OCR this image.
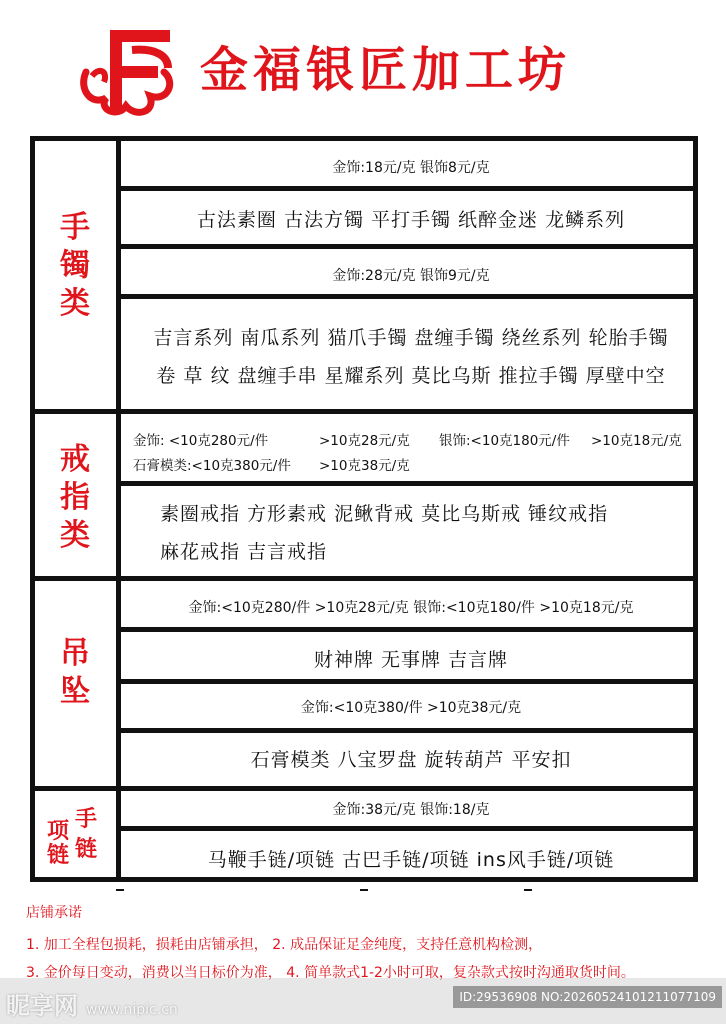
金福银匠加工坊
手镯类
金饰:18元/克 银饰8元/克
古法素圈 古法方镯 平打手镯 纸醉金迷 龙鳞系列
金饰:28元/克 银饰9元/克
吉言系列 南瓜系列 猫爪手镯 盘缠手镯 绕丝系列 轮胎手镯
卷 草 纹 盘缠手串 星耀系列 莫比乌斯 推拉手镯 厚壁中空
戒指类
金饰: <10克280元/件	>10克28元/克 银饰:<10克180元/件 >10克18元/克
石膏模类:<10克380元/件 >10克38元/克
素圈戒指 方形素戒 泥鳅背戒 莫比乌斯戒 锤纹戒指
麻花戒指 吉言戒指
吊坠
金饰:<10克280/件 >10克28元/克 银饰:<10克180/件 >10克18元/克
财神牌 无事牌 吉言牌
金饰:<10克380/件 >10克38元/克
石膏模类 八宝罗盘 旋转葫芦 平安扣
项 手
链 链
金饰:38元/克 银饰:18/克
马鞭手链/项链 古巴手链/项链 ins风手链/项链
店铺承诺
1. 加工全程包损耗，损耗由店铺承担， 2. 成品保证足金纯度，支持任意机构检测，
3. 金价每日变动，消费以当日标价为准， 4. 简单款式1-2小时可取，复杂款式按时沟通取货时间。
昵享网 www.nipic.cn
ID:29536908 NO:20260524101211077109
